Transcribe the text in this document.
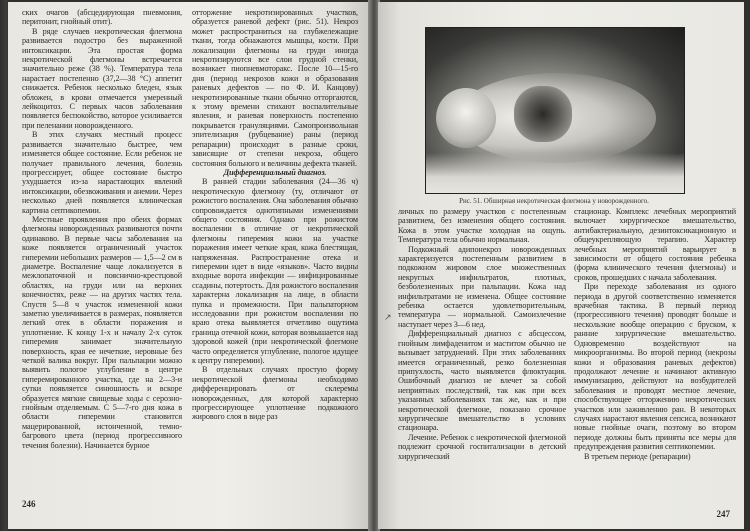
ских очагов (абсцедирующая пневмония, перитонит, гнойный отит).

В ряде случаев некротическая флегмона развивается подостро без выраженной интоксикации. Эта простая форма некротической флегмоны встречается значительно реже (38 %). Температура тела нарастает постепенно (37,2—38 °С) аппетит снижается. Ребенок несколько бледен, язык обложен, в крови отмечается умеренный лейкоцитоз. С первых часов заболевания появляется беспокойство, которое усиливается при пеленании новорожденного.

В этих случаях местный процесс развивается значительно быстрее, чем изменяется общее состояние. Если ребенок не получает правильного лечения, болезнь прогрессирует, общее состояние быстро ухудшается из-за нарастающих явлений интоксикации, обезвоживания и анемии. Через несколько дней появляется клиническая картина септикопемии.

Местные проявления про обеих формах флегмоны новорожденных развиваются почти одинаково. В первые часы заболевания на коже появляется ограниченный участок гиперемии небольших размеров — 1,5—2 см в диаметре. Воспаление чаще локализуется в межлопаточной и пояснично-крестцовой областях, на груди или на верхних конечностях, реже — на других частях тела. Спустя 5—8 ч участок измененной кожи заметно увеличивается в размерах, появляется легкий отек в области поражения и уплотнение. К концу 1-х и началу 2-х суток гиперемия занимает значительную поверхность, края ее нечеткие, неровные без четкой валика вокруг. При пальпации можно выявить пологое углубление в центре гиперемированного участка, где на 2—3-и сутки появляется синюшность и вскоре образуется мягкие свищевые ходы с серозно-гнойным отделяемым. С 5—7-го дня кожа в области гиперемии становится мацерированной, истонченной, темно-багрового цвета (период прогрессивного течения болезни). Начинается бурное

отторжение некротизированных участков, образуется раневой дефект (рис. 51). Некроз может распространиться на глубжележащие ткани, тогда обнажаются мышцы, кости. При локализации флегмоны на груди иногда некротизируются все слои грудной стенки, возникает пиопневмоторакс. После 10—15-го дня (период некрозов кожи и образования раневых дефектов — по Ф. И. Канцову) некротизированные ткани обычно отторгаются, к этому времени стихают воспалительные явления, и раневая поверхность постепенно покрывается грануляциями. Самопроизвольная эпителизация (рубцевание) раны (период репарации) происходит в разные сроки, зависящие от степени некроза, общего состояния больного и величины дефекта тканей.

Дифференциальный диагноз.

В ранней стадии заболевания (24—36 ч) некротическую флегмону (ту, отличают от рожистого воспаления. Она заболевания обычно сопровождается однотипными изменениями общего состояния. Однако при рожистом воспалении в отличие от некротической флегмоны гиперемия кожи на участке поражения имеет четкие края, кожа блестящая, напряженная. Распространение отека и гиперемии идет в виде «языков». Часто видны входные ворота инфекции — инфицированные ссадины, потертость. Для рожистого воспаления характерна локализация на лице, в области пупка и промежности. При пальпаторном исследовании при рожистом воспалении по краю отека выявляется отчетливо ощутима граница отечной кожи, которая возвышается над здоровой кожей (при некротической флегмоне часто определяется углубление, пологое идущее к центру гиперемии).

В отдельных случаях простую форму некротической флегмоны необходимо дифференцировать от склеремы новорожденных, для которой характерно прогрессирующее уплотнение подкожного жирового слоя в виде раз

246

личных по размеру участков с постепенным развитием, без изменения общего состояния. Кожа в этом участке холодная на ощупь. Температура тела обычно нормальная.

Подкожный адипонекроз новорожденных характеризуется постепенным развитием в подкожном жировом слое множественных некруглых инфильтратов, плотных, безболезненных при пальпации. Кожа над инфильтратами не изменена. Общее состояние ребенка остается удовлетворительным, температура — нормальной. Самоизлечение наступает через 3—6 нед.

Дифференциальный диагноз с абсцессом, гнойным лимфаденитом и маститом обычно не вызывает затруднений. При этих заболеваниях имеется ограниченный, резко болезненная припухлость, часто выявляется флюктуация. Ошибочный диагноз не влечет за собой неприятных последствий, так как при всех указанных заболеваниях так же, как и при некротической флегмоне, показано срочное хирургическое вмешательство в условиях стационара.

Лечение. Ребенок с некротической флегмоной подлежит срочной госпитализации в детский хирургический

стационар. Комплекс лечебных мероприятий включает хирургическое вмешательство, антибактериальную, дезинтоксикационную и общеукрепляющую терапию. Характер лечебных мероприятий варьирует в зависимости от общего состояния ребенка (форма клинического течения флегмоны) и сроков, прошедших с начала заболевания.

При переходе заболевания из одного периода в другой соответственно изменяется врачебная тактика. В первый период (прогрессивного течения) проводят больше и нескользкие вообще операцию с бруском, к ранние хирургические вмешательство. Одновременно воздействуют на микроорганизмы. Во второй период (некрозы кожи и образования раневых дефектов) продолжают лечение и начинают активную иммунизацию, действуют на возбудителей заболевания и проводят местное лечение, способствующее отторжению некротических участков или заживлению ран. В некоторых случаях нарастают явления сепсиса, возникают новые гнойные очаги, поэтому во втором периоде должны быть приняты все меры для предупреждения развития септикопемии.

В третьем периоде (репарации)

247
Рис. 51. Обширная некротическая флегмона у новорожденного.
↗
